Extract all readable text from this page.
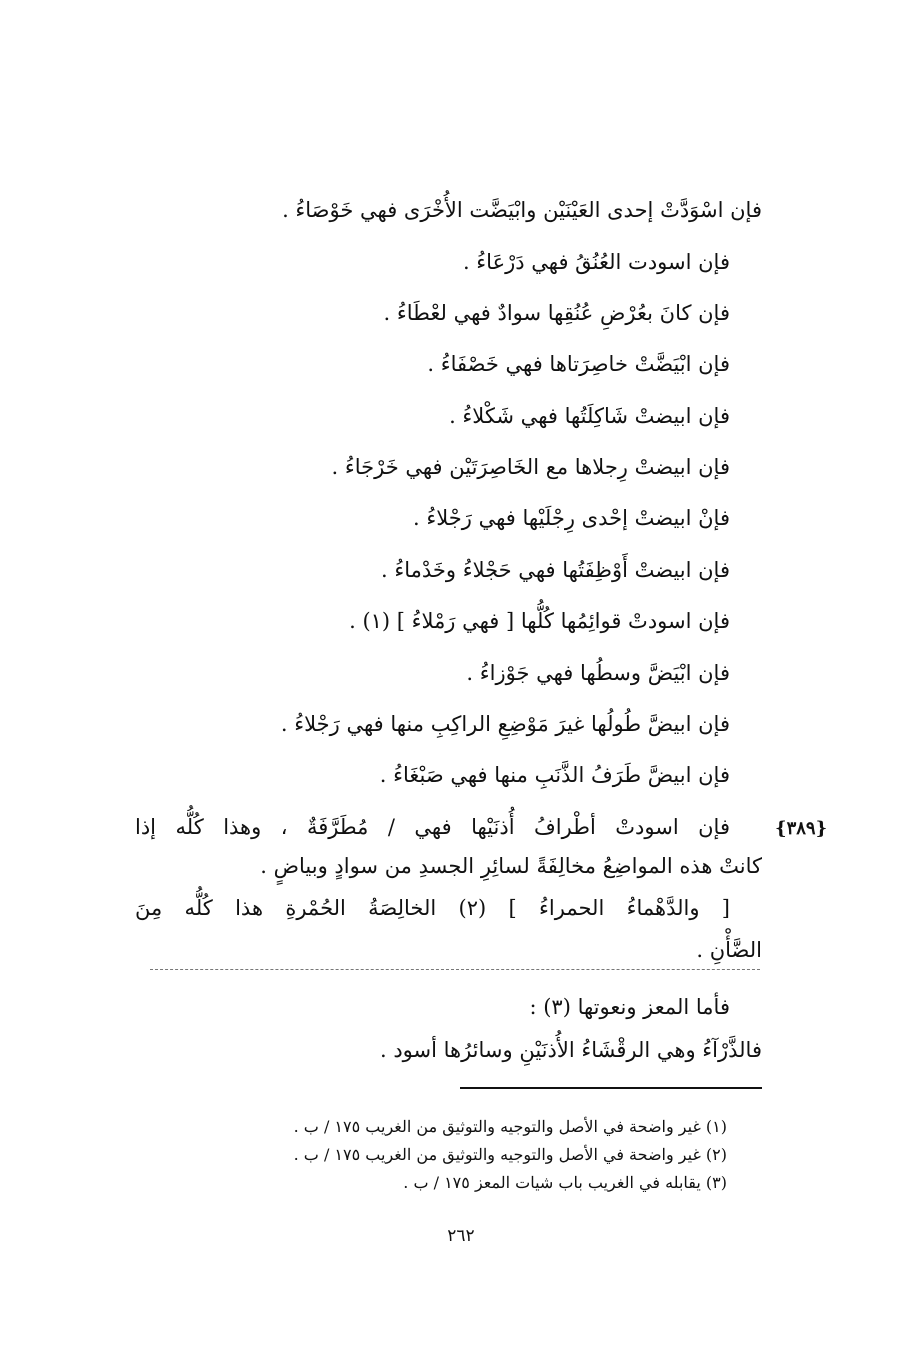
فإن اسْوَدَّتْ إحدى العَيْنَيْن وابْيَضَّت الأُخْرَى فهي خَوْصَاءُ .
فإن اسودت العُنُقُ فهي دَرْعَاءُ .
فإن كانَ بعُرْضِ عُنُقِها سوادٌ فهي لعْطَاءُ .
فإن ابْيَضَّتْ خاصِرَتاها فهي خَصْفَاءُ .
فإن ابيضتْ شَاكِلَتُها فهي شَكْلاءُ .
فإن ابيضتْ رِجلاها مع الخَاصِرَتَيْن فهي خَرْجَاءُ .
فإنْ ابيضتْ إحْدى رِجْلَيْها فهي رَجْلاءُ .
فإن ابيضتْ أَوْظِفَتُها فهي حَجْلاءُ وخَدْماءُ .
فإن اسودتْ قوائِمُها كُلُّها [ فهي رَمْلاءُ ] (١) .
فإن ابْيَضَّ وسطُها فهي جَوْزاءُ .
فإن ابيضَّ طُولُها غيرَ مَوْضِعِ الراكِبِ منها فهي رَجْلاءُ .
فإن ابيضَّ طَرَفُ الذَّنَبِ منها فهي صَبْغَاءُ .
فإن اسودتْ أطْرافُ أُذنَيْها فهي / مُطَرَّفَةٌ ، وهذا كُلُّه إذا
كانتْ هذه المواضِعُ مخالِفَةً لسائِرِ الجسدِ من سوادٍ وبياضٍ .
[ والدَّهْماءُ الحمراءُ ] (٢) الخالِصَةُ الحُمْرةِ هذا كُلُّه مِنَ
الضَّأْنِ .
{٣٨٩}
فأما المعز ونعوتها (٣) :
فالذَّرْآءُ وهي الرقْشَاءُ الأُذنَيْنِ وسائرُها أسود .
(١) غير واضحة في الأصل والتوجيه والتوثيق من الغريب ١٧٥ / ب .
(٢) غير واضحة في الأصل والتوجيه والتوثيق من الغريب ١٧٥ / ب .
(٣) يقابله في الغريب باب شيات المعز ١٧٥ / ب .
٢٦٢
